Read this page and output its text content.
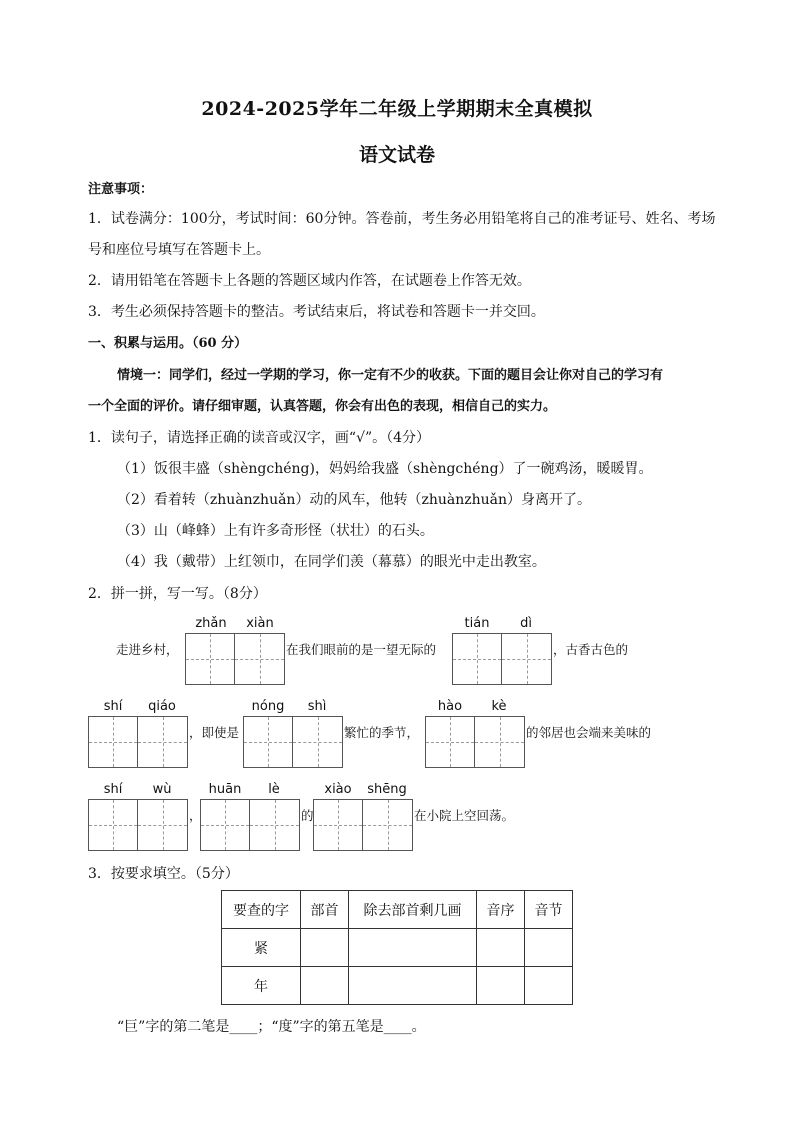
2024-2025学年二年级上学期期末全真模拟
语文试卷
注意事项：
1．试卷满分：100分，考试时间：60分钟。答卷前，考生务必用铅笔将自己的准考证号、姓名、考场
号和座位号填写在答题卡上。
2．请用铅笔在答题卡上各题的答题区域内作答，在试题卷上作答无效。
3．考生必须保持答题卡的整洁。考试结束后，将试卷和答题卡一并交回。
一、积累与运用。（60 分）
情境一：同学们，经过一学期的学习，你一定有不少的收获。下面的题目会让你对自己的学习有
一个全面的评价。请仔细审题，认真答题，你会有出色的表现，相信自己的实力。
1．读句子，请选择正确的读音或汉字，画“√”。（4分）
（1）饭很丰盛（shèngchéng)，妈妈给我盛（shèngchéng）了一碗鸡汤，暖暖胃。
（2）看着转（zhuànzhuǎn）动的风车，他转（zhuànzhuǎn）身离开了。
（3）山（峰蜂）上有许多奇形怪（状壮）的石头。
（4）我（戴带）上红领巾，在同学们羡（幕慕）的眼光中走出教室。
2．拼一拼，写一写。（8分）
zhǎn	xiàn
走进乡村，	在我们眼前的是一望无际的
tián	dì
，古香古色的
shí	qiáo
，即使是
nóng	shì
繁忙的季节，
hào	kè
的邻居也会端来美味的
shí	wù
，
huān	lè
的
xiào	shēng
在小院上空回荡。
3．按要求填空。（5分）
要查的字	部首	除去部首剩几画	音序	音节
紧				
年				
“巨”字的第二笔是____；“度”字的第五笔是____。
